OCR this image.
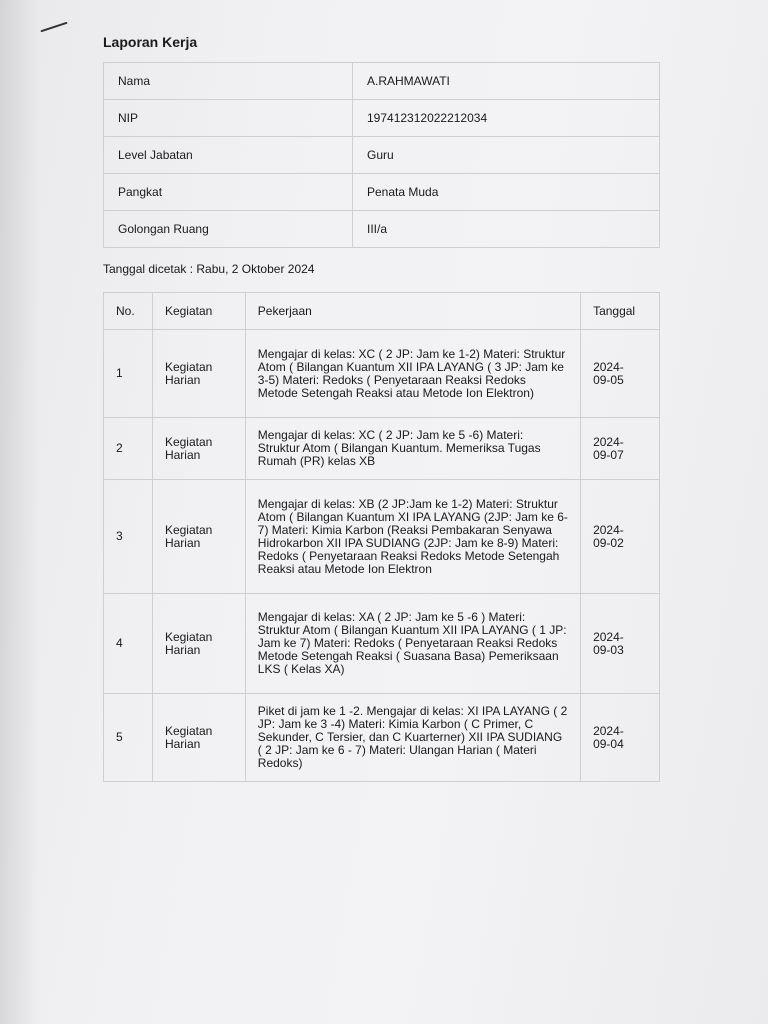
Laporan Kerja
Nama	A.RAHMAWATI
NIP	197412312022212034
Level Jabatan	Guru
Pangkat	Penata Muda
Golongan Ruang	III/a
Tanggal dicetak : Rabu, 2 Oktober 2024
No.	Kegiatan	Pekerjaan	Tanggal
1	Kegiatan Harian	Mengajar di kelas: XC ( 2 JP: Jam ke 1-2) Materi: Struktur Atom ( Bilangan Kuantum XII IPA LAYANG ( 3 JP: Jam ke 3-5) Materi: Redoks ( Penyetaraan Reaksi Redoks Metode Setengah Reaksi atau Metode Ion Elektron)	2024-
09-05
2	Kegiatan Harian	Mengajar di kelas: XC ( 2 JP: Jam ke 5 -6) Materi: Struktur Atom ( Bilangan Kuantum. Memeriksa Tugas Rumah (PR) kelas XB	2024-
09-07
3	Kegiatan Harian	Mengajar di kelas: XB (2 JP:Jam ke 1-2) Materi: Struktur Atom ( Bilangan Kuantum XI IPA LAYANG (2JP: Jam ke 6-7) Materi: Kimia Karbon (Reaksi Pembakaran Senyawa Hidrokarbon XII IPA SUDIANG (2JP: Jam ke 8-9) Materi: Redoks ( Penyetaraan Reaksi Redoks Metode Setengah Reaksi atau Metode Ion Elektron	2024-
09-02
4	Kegiatan Harian	Mengajar di kelas: XA ( 2 JP: Jam ke 5 -6 ) Materi: Struktur Atom ( Bilangan Kuantum XII IPA LAYANG ( 1 JP: Jam ke 7) Materi: Redoks ( Penyetaraan Reaksi Redoks Metode Setengah Reaksi ( Suasana Basa) Pemeriksaan LKS ( Kelas XA)	2024-
09-03
5	Kegiatan Harian	Piket di jam ke 1 -2. Mengajar di kelas: XI IPA LAYANG ( 2 JP: Jam ke 3 -4) Materi: Kimia Karbon ( C Primer, C Sekunder, C Tersier, dan C Kuarterner) XII IPA SUDIANG ( 2 JP: Jam ke 6 - 7) Materi: Ulangan Harian ( Materi Redoks)	2024-
09-04
